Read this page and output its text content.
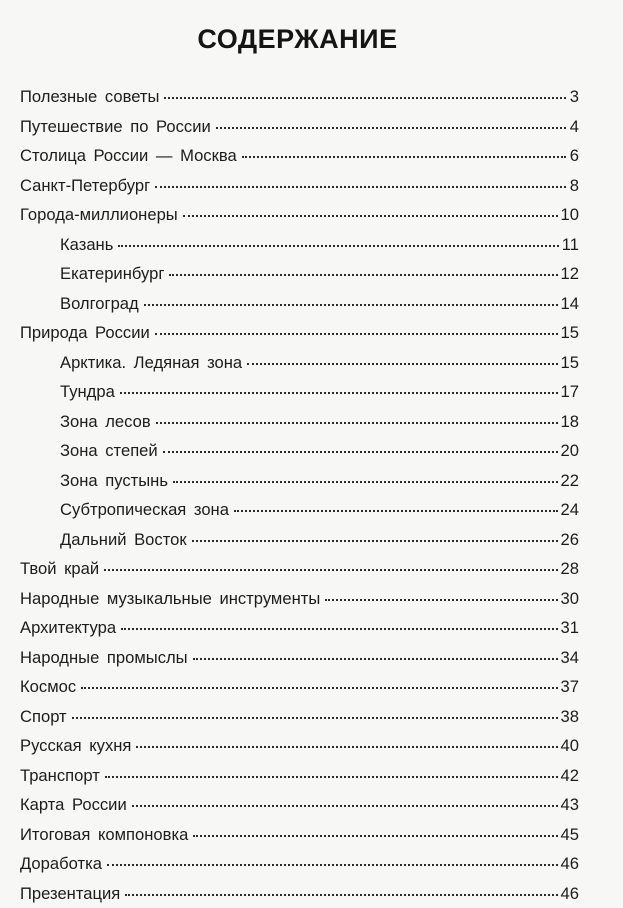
СОДЕРЖАНИЕ
Полезные советы	3
Путешествие по России	4
Столица России — Москва	6
Санкт-Петербург	8
Города-миллионеры	10
Казань	11
Екатеринбург	12
Волгоград	14
Природа России	15
Арктика. Ледяная зона	15
Тундра	17
Зона лесов	18
Зона степей	20
Зона пустынь	22
Субтропическая зона	24
Дальний Восток	26
Твой край	28
Народные музыкальные инструменты	30
Архитектура	31
Народные промыслы	34
Космос	37
Спорт	38
Русская кухня	40
Транспорт	42
Карта России	43
Итоговая компоновка	45
Доработка	46
Презентация	46
